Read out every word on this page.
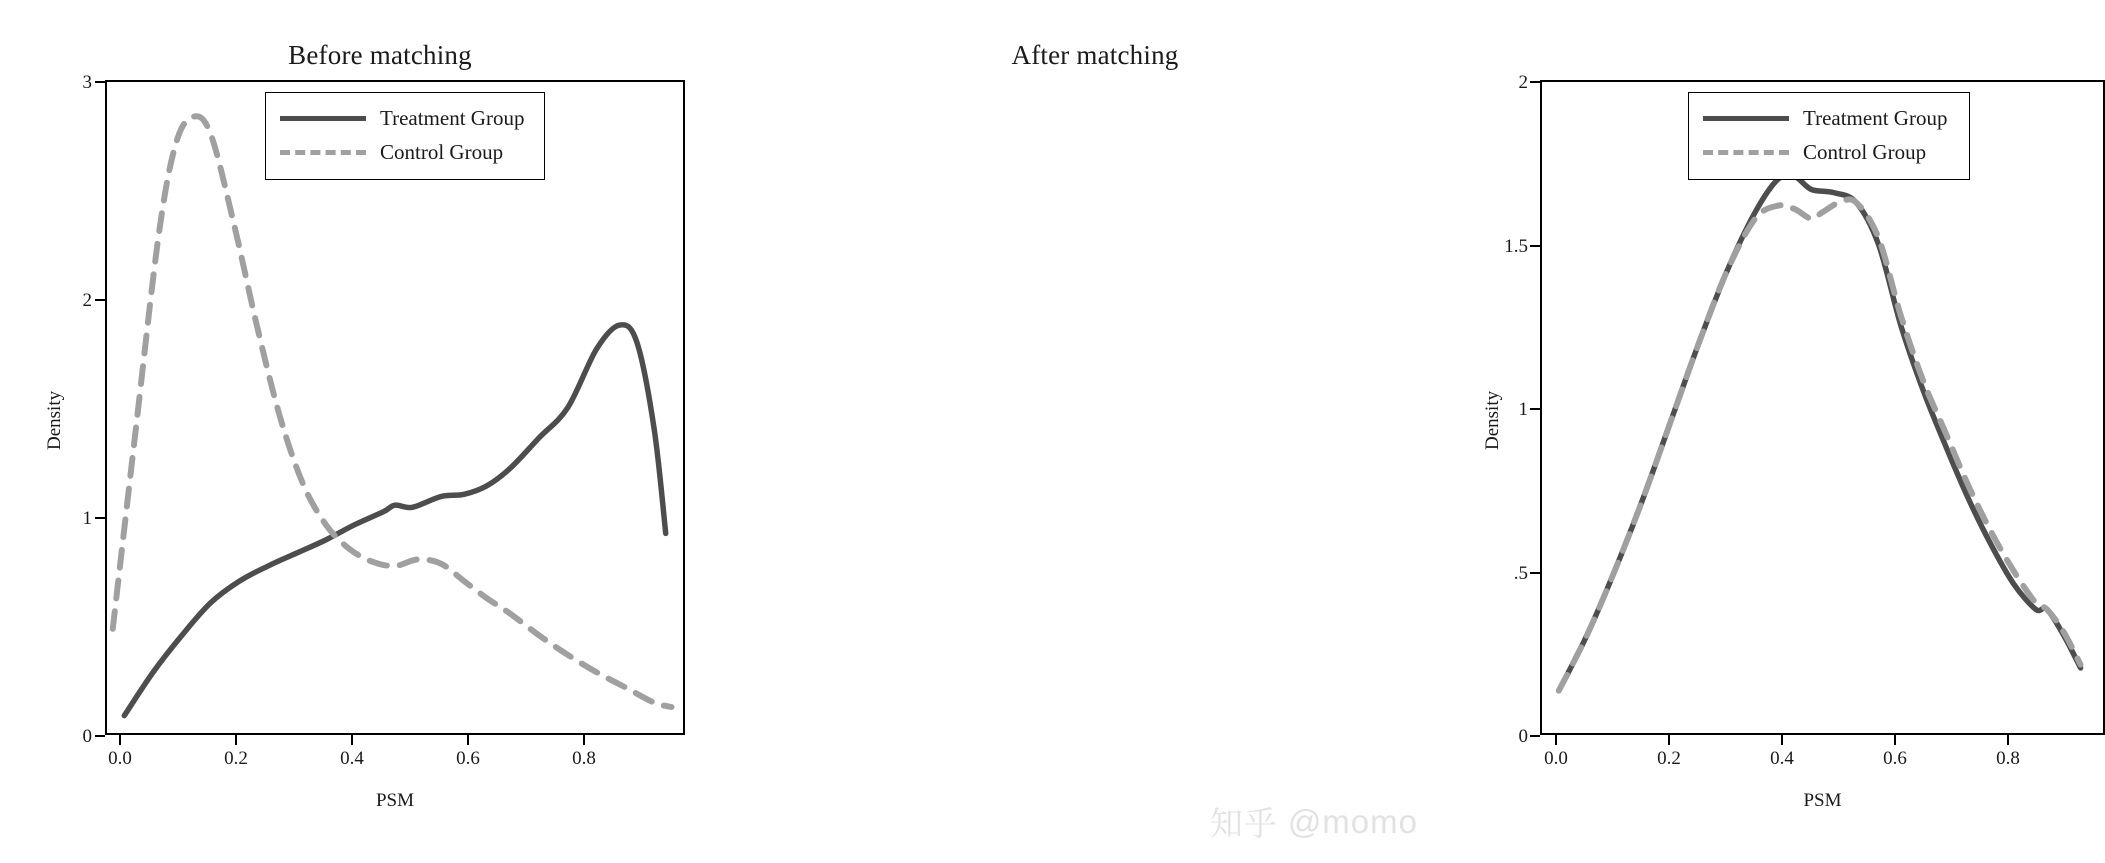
Before matching
Density
PSM
0
1
2
3
0.0	0.2	0.4	0.6	0.8
Treatment Group
Control Group
After matching
Density
PSM
0
.5
1
1.5
2
0.0	0.2	0.4	0.6	0.8
Treatment Group
Control Group
知乎 @momo
